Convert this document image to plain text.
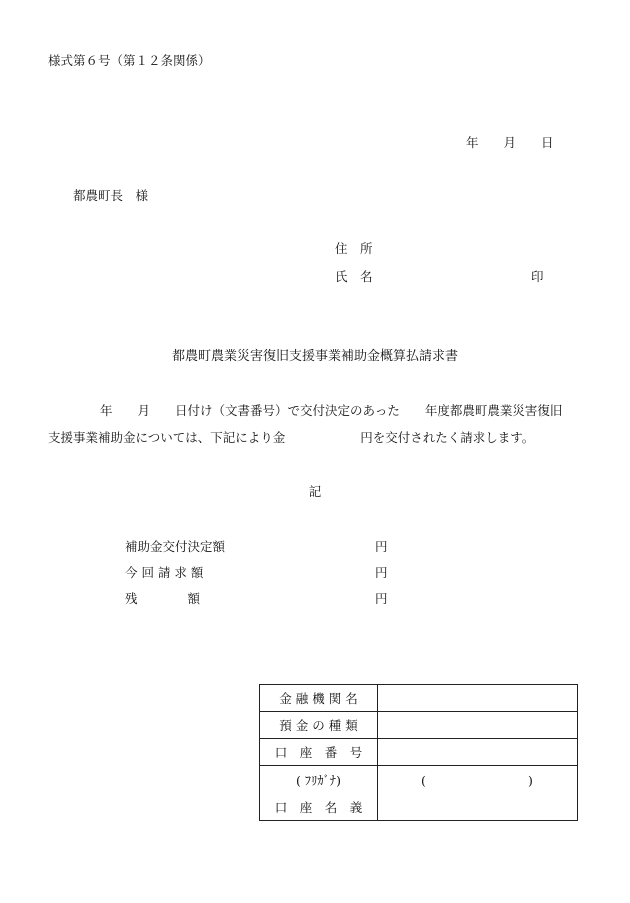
様式第６号（第１２条関係）
年　　月　　日
都農町長　様
住　所
氏　名	印
都農町農業災害復旧支援事業補助金概算払請求書
年　　月　　日付け（文書番号）で交付決定のあった　　年度都農町農業災害復旧
支援事業補助金については、下記により金　　　　　　円を交付されたく請求します。
記
補助金交付決定額	円
今 回 請 求 額	円
残　　　　額	円
金 融 機 関 名	
預 金 の 種 類	
口　座　番　号	

( ﾌﾘｶﾞﾅ)
口　座　名　義	( )
